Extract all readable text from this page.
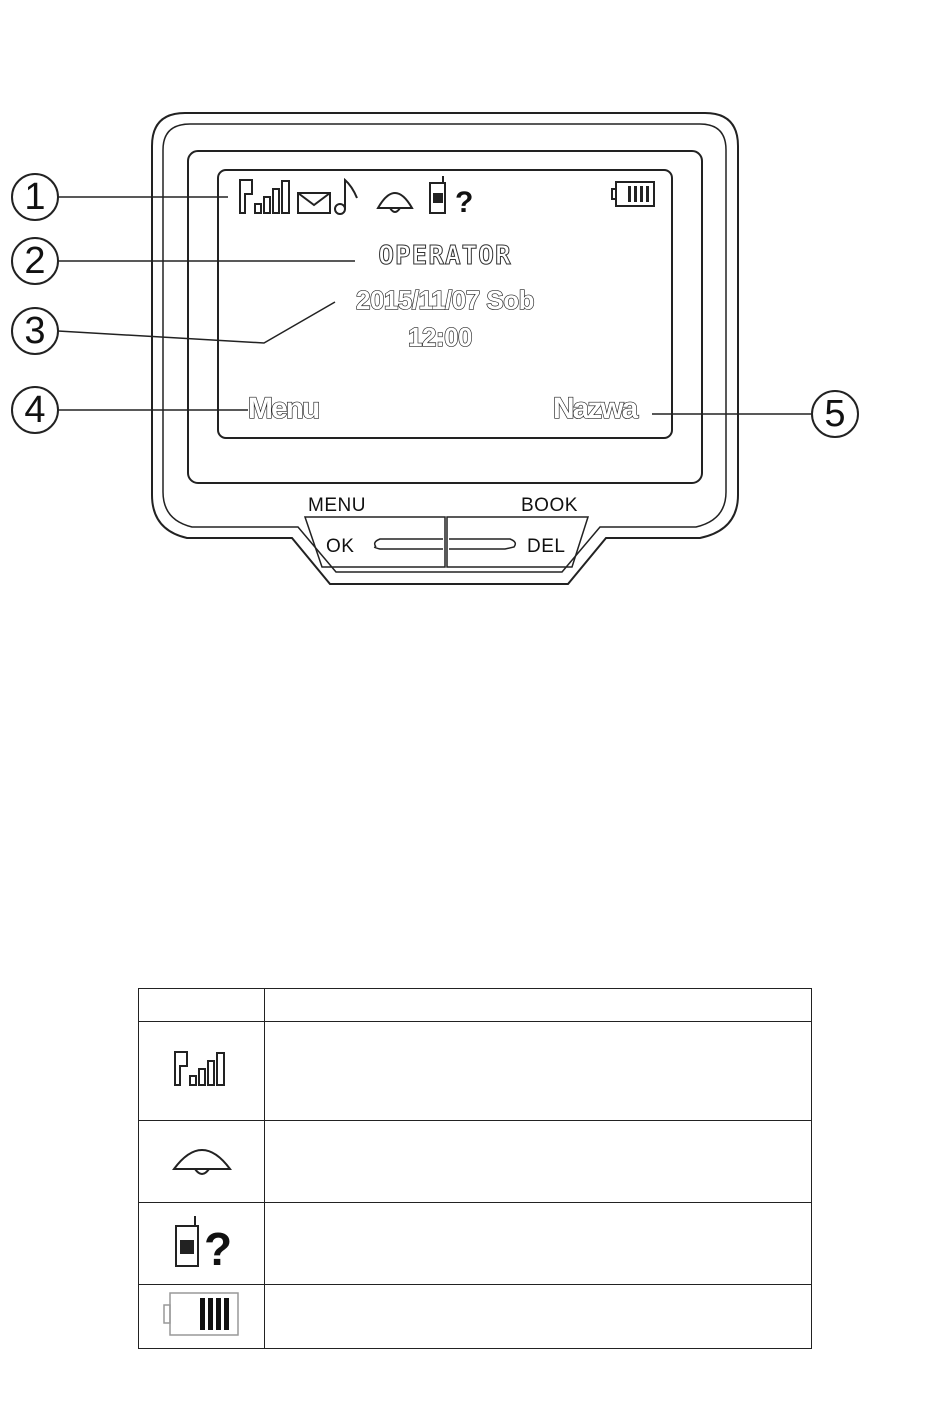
?
1
2
3
4	5
OPERATOR
2015/11/07 Sob
12:00
Menu	Nazwa
MENU
OK
BOOK
DEL

?	
